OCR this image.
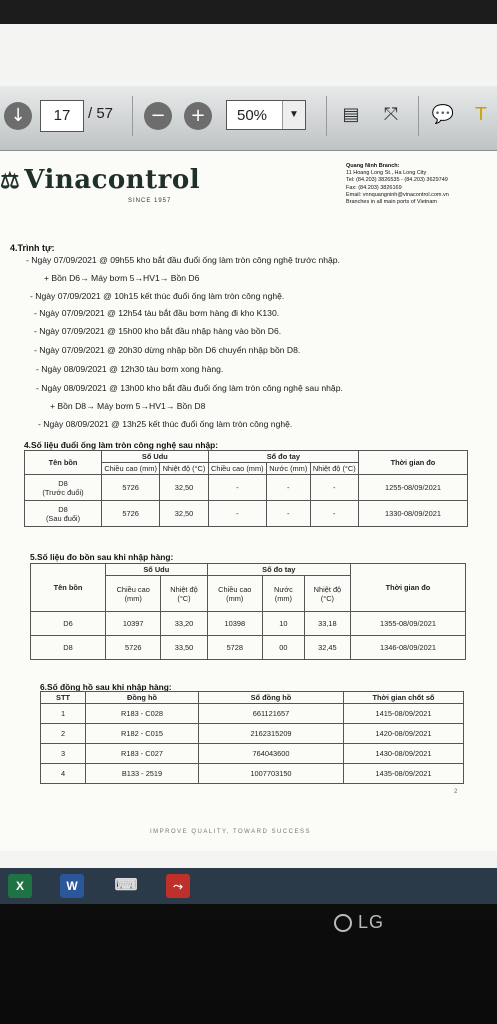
↓	17	/ 57	−	+	50%	▼	▤	⤧	💬	T
⚖ Vinacontrol
SINCE 1957
Quang Ninh Branch:
11 Hoang Long St., Ha Long City
Tel: (84.203) 3826535 - (84.203) 3629749
Fax: (84.203) 3826169
Email: vnnquangninh@vinacontrol.com.vn
Branches in all main ports of Vietnam
4.Trình tự:
- Ngày 07/09/2021 @ 09h55 kho bắt đầu đuổi ống làm tròn công nghệ trước nhập.
+ Bồn D6→ Máy bơm 5→HV1→ Bồn D6
- Ngày 07/09/2021 @ 10h15 kết thúc đuổi ống làm tròn công nghệ.
- Ngày 07/09/2021 @ 12h54 tàu bắt đầu bơm hàng đi kho K130.
- Ngày 07/09/2021 @ 15h00 kho bắt đầu nhập hàng vào bồn D6.
- Ngày 07/09/2021 @ 20h30 dừng nhập bồn D6 chuyển nhập bồn D8.
- Ngày 08/09/2021 @ 12h30 tàu bơm xong hàng.
- Ngày 08/09/2021 @ 13h00 kho bắt đầu đuổi ống làm tròn công nghệ sau nhập.
+ Bồn D8→ Máy bơm 5→HV1→ Bồn D8
- Ngày 08/09/2021 @ 13h25 kết thúc đuổi ống làm tròn công nghệ.
4.Số liệu đuổi ống làm tròn công nghệ sau nhập:
Tên bồn	Số Udu		Số đo tay			Thời gian đo
	Chiều cao (mm)	Nhiệt độ (°C)	Chiều cao (mm)	Nước (mm)	Nhiệt độ (°C)	
D8
(Trước đuổi)	5726	32,50	-	-	-	1255-08/09/2021
D8
(Sau đuổi)	5726	32,50	-	-	-	1330-08/09/2021
5.Số liệu đo bồn sau khi nhập hàng:
Tên bồn	Số Udu		Số đo tay			Thời gian đo
	Chiều cao (mm)	Nhiệt độ (°C)	Chiều cao (mm)	Nước (mm)	Nhiệt độ (°C)	
D6	10397	33,20	10398	10	33,18	1355-08/09/2021
D8	5726	33,50	5728	00	32,45	1346-08/09/2021
6.Số đồng hồ sau khi nhập hàng:
STT	Đồng hồ	Số đồng hồ	Thời gian chốt số
1	R183 - C028	661121657	1415-08/09/2021
2	R182 - C015	2162315209	1420-08/09/2021
3	R183 - C027	764043600	1430-08/09/2021
4	B133 - 2519	1007703150	1435-08/09/2021
2
IMPROVE QUALITY, TOWARD SUCCESS
X	W	⌨	⤳
LG
